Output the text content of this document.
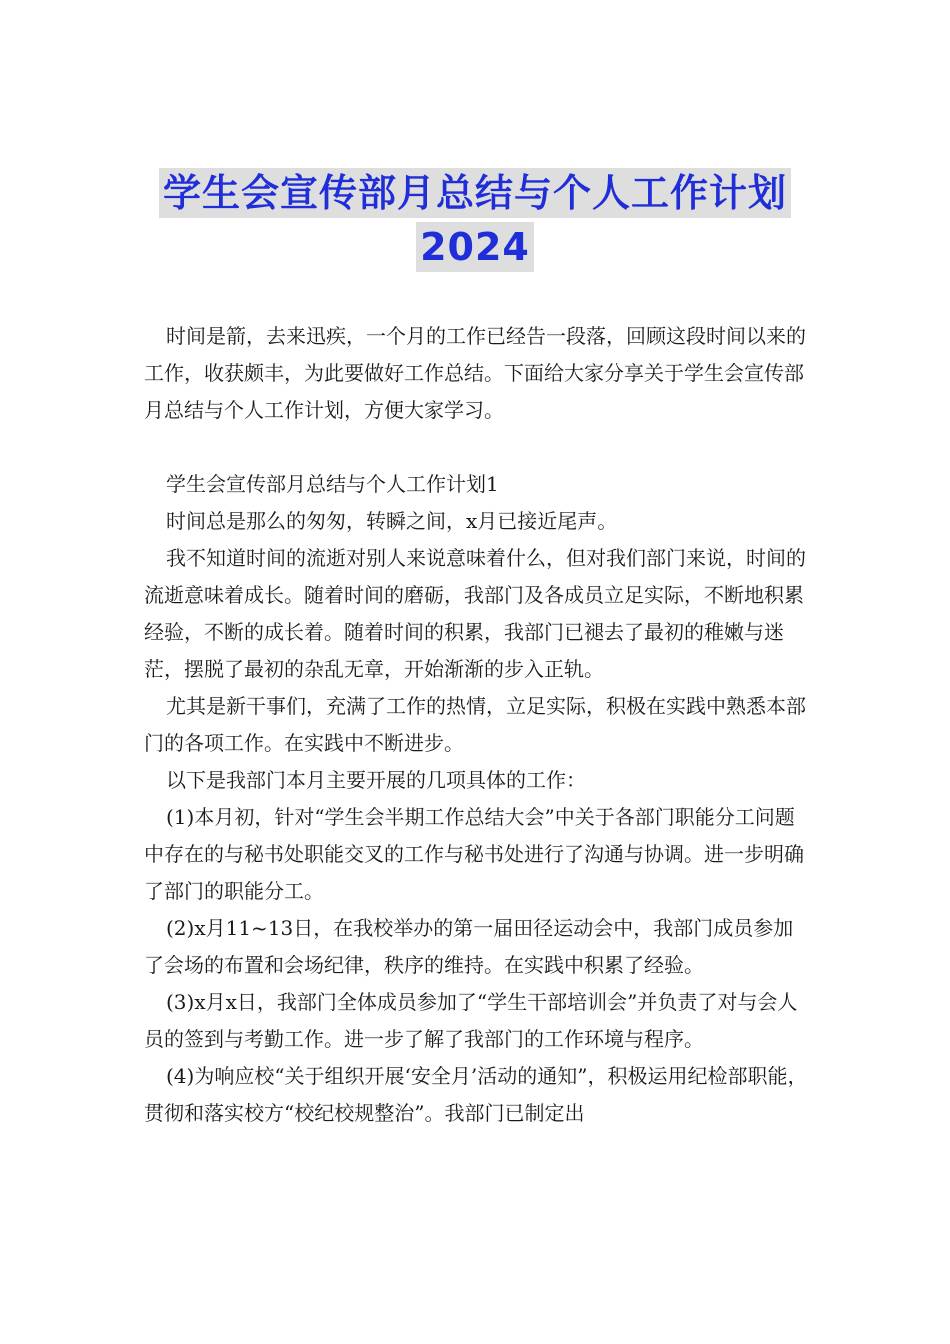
学生会宣传部月总结与个人工作计划
2024

时间是箭，去来迅疾，一个月的工作已经告一段落，回顾这段时间以来的工作，收获颇丰，为此要做好工作总结。下面给大家分享关于学生会宣传部月总结与个人工作计划，方便大家学习。

学生会宣传部月总结与个人工作计划1

时间总是那么的匆匆，转瞬之间，x月已接近尾声。

我不知道时间的流逝对别人来说意味着什么，但对我们部门来说，时间的流逝意味着成长。随着时间的磨砺，我部门及各成员立足实际，不断地积累经验，不断的成长着。随着时间的积累，我部门已褪去了最初的稚嫩与迷茫，摆脱了最初的杂乱无章，开始渐渐的步入正轨。

尤其是新干事们，充满了工作的热情，立足实际，积极在实践中熟悉本部门的各项工作。在实践中不断进步。

以下是我部门本月主要开展的几项具体的工作：

(1)本月初，针对“学生会半期工作总结大会”中关于各部门职能分工问题中存在的与秘书处职能交叉的工作与秘书处进行了沟通与协调。进一步明确了部门的职能分工。

(2)x月11~13日，在我校举办的第一届田径运动会中，我部门成员参加了会场的布置和会场纪律，秩序的维持。在实践中积累了经验。

(3)x月x日，我部门全体成员参加了“学生干部培训会”并负责了对与会人员的签到与考勤工作。进一步了解了我部门的工作环境与程序。

(4)为响应校“关于组织开展‘安全月’活动的通知”，积极运用纪检部职能，贯彻和落实校方“校纪校规整治”。我部门已制定出
